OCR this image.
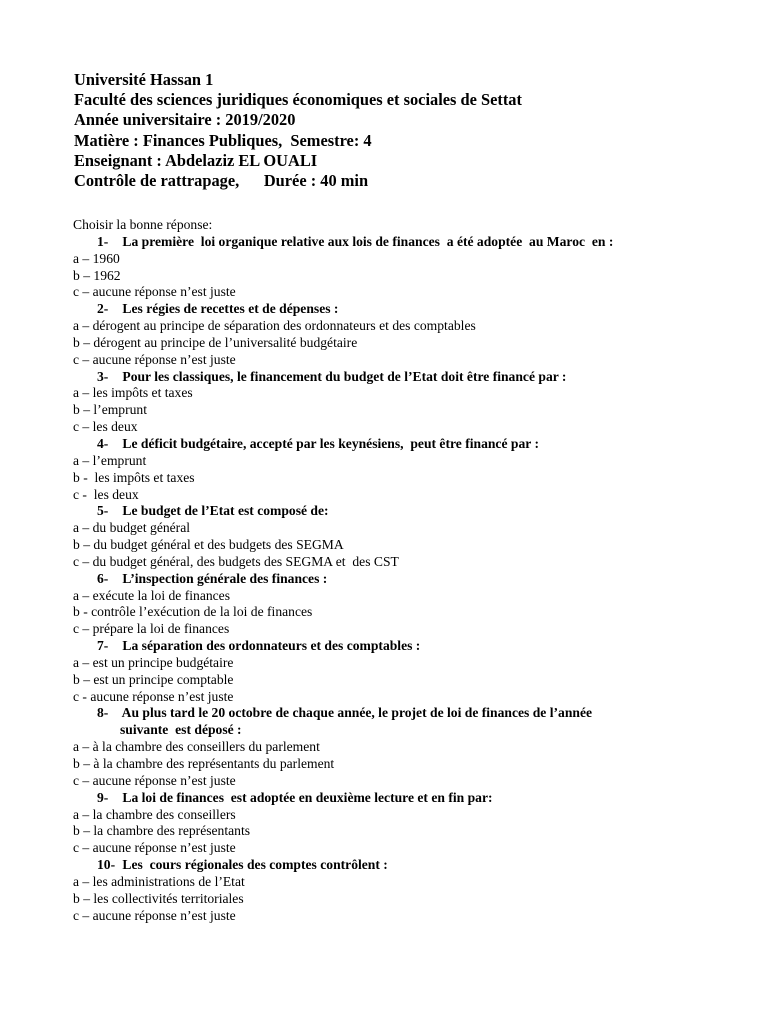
Université Hassan 1
Faculté des sciences juridiques économiques et sociales de Settat
Année universitaire : 2019/2020
Matière : Finances Publiques,  Semestre: 4
Enseignant : Abdelaziz EL OUALI
Contrôle de rattrapage,      Durée : 40 min
Choisir la bonne réponse:
1- La première  loi organique relative aux lois de finances  a été adoptée  au Maroc  en :
a – 1960
b – 1962
c – aucune réponse n’est juste
2- Les régies de recettes et de dépenses :
a – dérogent au principe de séparation des ordonnateurs et des comptables
b – dérogent au principe de l’universalité budgétaire
c – aucune réponse n’est juste
3- Pour les classiques, le financement du budget de l’Etat doit être financé par :
a – les impôts et taxes
b – l’emprunt
c – les deux
4- Le déficit budgétaire, accepté par les keynésiens,  peut être financé par :
a – l’emprunt
b -  les impôts et taxes
c -  les deux
5- Le budget de l’Etat est composé de:
a – du budget général
b – du budget général et des budgets des SEGMA
c – du budget général, des budgets des SEGMA et  des CST
6- L’inspection générale des finances :
a – exécute la loi de finances
b - contrôle l’exécution de la loi de finances
c – prépare la loi de finances
7- La séparation des ordonnateurs et des comptables :
a – est un principe budgétaire
b – est un principe comptable
c - aucune réponse n’est juste
8- Au plus tard le 20 octobre de chaque année, le projet de loi de finances de l’année
suivante  est déposé :
a – à la chambre des conseillers du parlement
b – à la chambre des représentants du parlement
c – aucune réponse n’est juste
9- La loi de finances  est adoptée en deuxième lecture et en fin par:
a – la chambre des conseillers
b – la chambre des représentants
c – aucune réponse n’est juste
10- Les  cours régionales des comptes contrôlent :
a – les administrations de l’Etat
b – les collectivités territoriales
c – aucune réponse n’est juste
